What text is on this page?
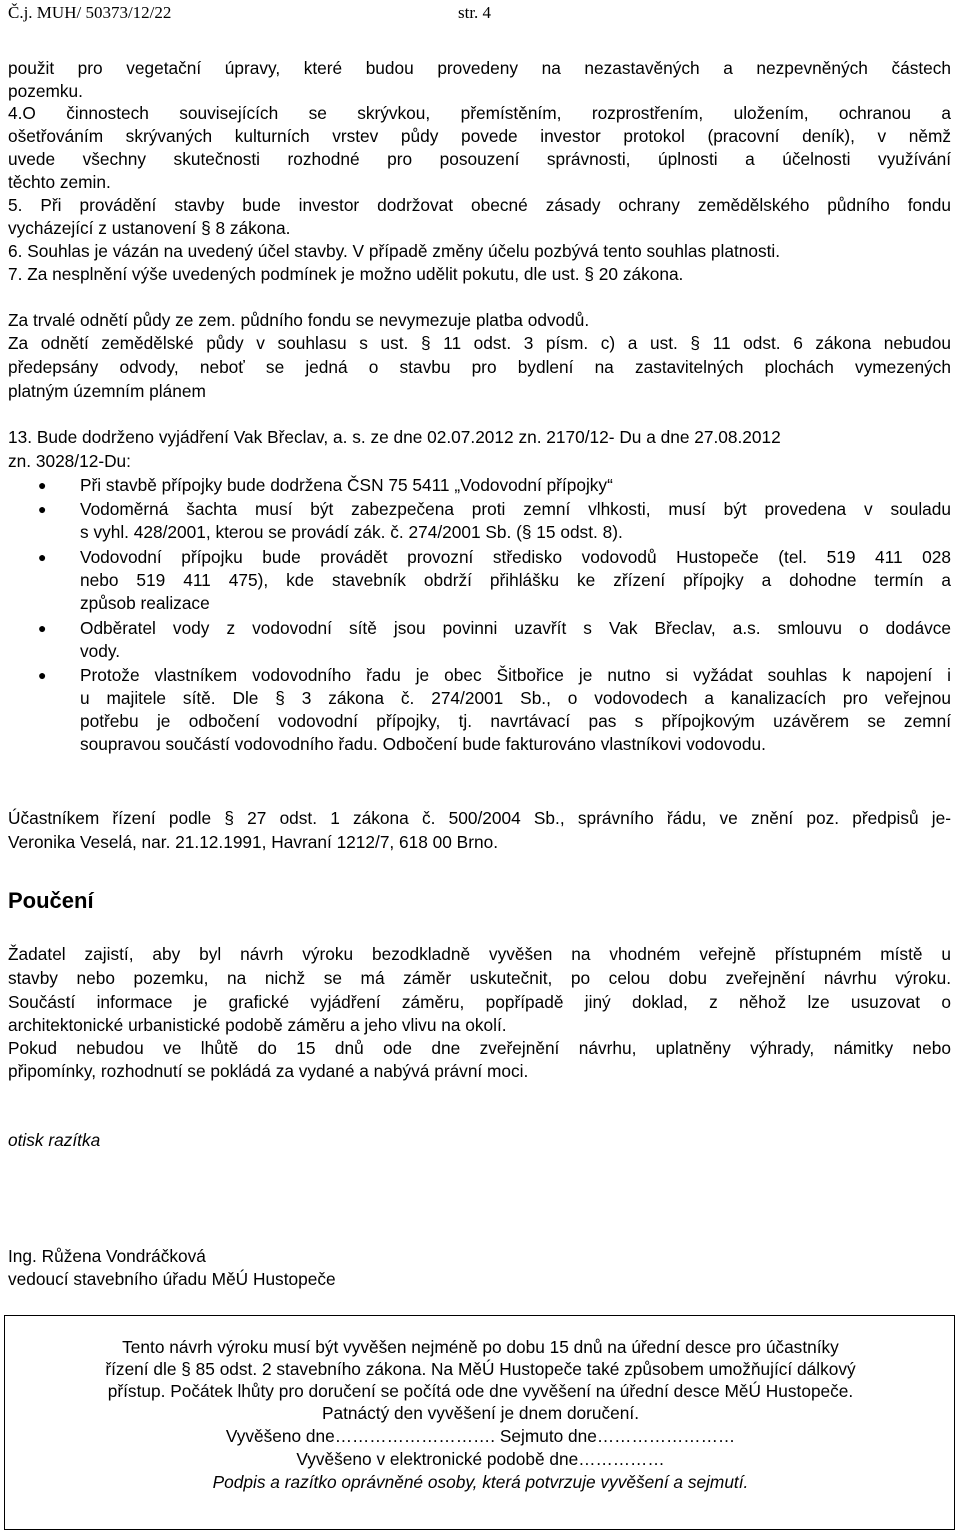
Č.j. MUH/ 50373/12/22	str. 4
použit pro vegetační úpravy, které budou provedeny na nezastavěných a nezpevněných částech
pozemku.
4.O činnostech souvisejících se skrývkou, přemístěním, rozprostřením, uložením, ochranou a
ošetřováním skrývaných kulturních vrstev půdy povede investor protokol (pracovní deník), v němž
uvede všechny skutečnosti rozhodné pro posouzení správnosti, úplnosti a účelnosti využívání
těchto zemin.
5. Při provádění stavby bude investor dodržovat obecné zásady ochrany zemědělského půdního fondu
vycházející z ustanovení § 8 zákona.
6. Souhlas je vázán na uvedený účel stavby. V případě změny účelu pozbývá tento souhlas platnosti.
7. Za nesplnění výše uvedených podmínek je možno udělit pokutu, dle ust. § 20 zákona.
Za trvalé odnětí půdy ze zem. půdního fondu se nevymezuje platba odvodů.
Za odnětí zemědělské půdy v souhlasu s ust. § 11 odst. 3 písm. c) a ust. § 11 odst. 6 zákona nebudou
předepsány odvody, neboť se jedná o stavbu pro bydlení na zastavitelných plochách vymezených
platným územním plánem
13. Bude dodrženo vyjádření Vak Břeclav, a. s. ze dne 02.07.2012 zn. 2170/12- Du a dne 27.08.2012
zn. 3028/12-Du:
● Při stavbě přípojky bude dodržena ČSN 75 5411 „Vodovodní přípojky“
● Vodoměrná šachta musí být zabezpečena proti zemní vlhkosti, musí být provedena v souladu
s vyhl. 428/2001, kterou se provádí zák. č. 274/2001 Sb. (§ 15 odst. 8).
● Vodovodní přípojku bude provádět provozní středisko vodovodů Hustopeče (tel. 519 411 028
nebo 519 411 475), kde stavebník obdrží přihlášku ke zřízení přípojky a dohodne termín a
způsob realizace
● Odběratel vody z vodovodní sítě jsou povinni uzavřít s Vak Břeclav, a.s. smlouvu o dodávce
vody.
● Protože vlastníkem vodovodního řadu je obec Šitbořice je nutno si vyžádat souhlas k napojení i
u majitele sítě. Dle § 3 zákona č. 274/2001 Sb., o vodovodech a kanalizacích pro veřejnou
potřebu je odbočení vodovodní přípojky, tj. navrtávací pas s přípojkovým uzávěrem se zemní
soupravou součástí vodovodního řadu. Odbočení bude fakturováno vlastníkovi vodovodu.
Účastníkem řízení podle § 27 odst. 1 zákona č. 500/2004 Sb., správního řádu, ve znění poz. předpisů je-
Veronika Veselá, nar. 21.12.1991, Havraní 1212/7, 618 00 Brno.
Poučení
Žadatel zajistí, aby byl návrh výroku bezodkladně vyvěšen na vhodném veřejně přístupném místě u
stavby nebo pozemku, na nichž se má záměr uskutečnit, po celou dobu zveřejnění návrhu výroku.
Součástí informace je grafické vyjádření záměru, popřípadě jiný doklad, z něhož lze usuzovat o
architektonické urbanistické podobě záměru a jeho vlivu na okolí.
Pokud nebudou ve lhůtě do 15 dnů ode dne zveřejnění návrhu, uplatněny výhrady, námitky nebo
připomínky, rozhodnutí se pokládá za vydané a nabývá právní moci.
otisk razítka
Ing. Růžena Vondráčková
vedoucí stavebního úřadu MěÚ Hustopeče
Tento návrh výroku musí být vyvěšen nejméně po dobu 15 dnů na úřední desce pro účastníky
řízení dle § 85 odst. 2 stavebního zákona. Na MěÚ Hustopeče také způsobem umožňující dálkový
přístup. Počátek lhůty pro doručení se počítá ode dne vyvěšení na úřední desce MěÚ Hustopeče.
Patnáctý den vyvěšení je dnem doručení.
Vyvěšeno dne………………………. Sejmuto dne……………………
Vyvěšeno v elektronické podobě dne……………
Podpis a razítko oprávněné osoby, která potvrzuje vyvěšení a sejmutí.
